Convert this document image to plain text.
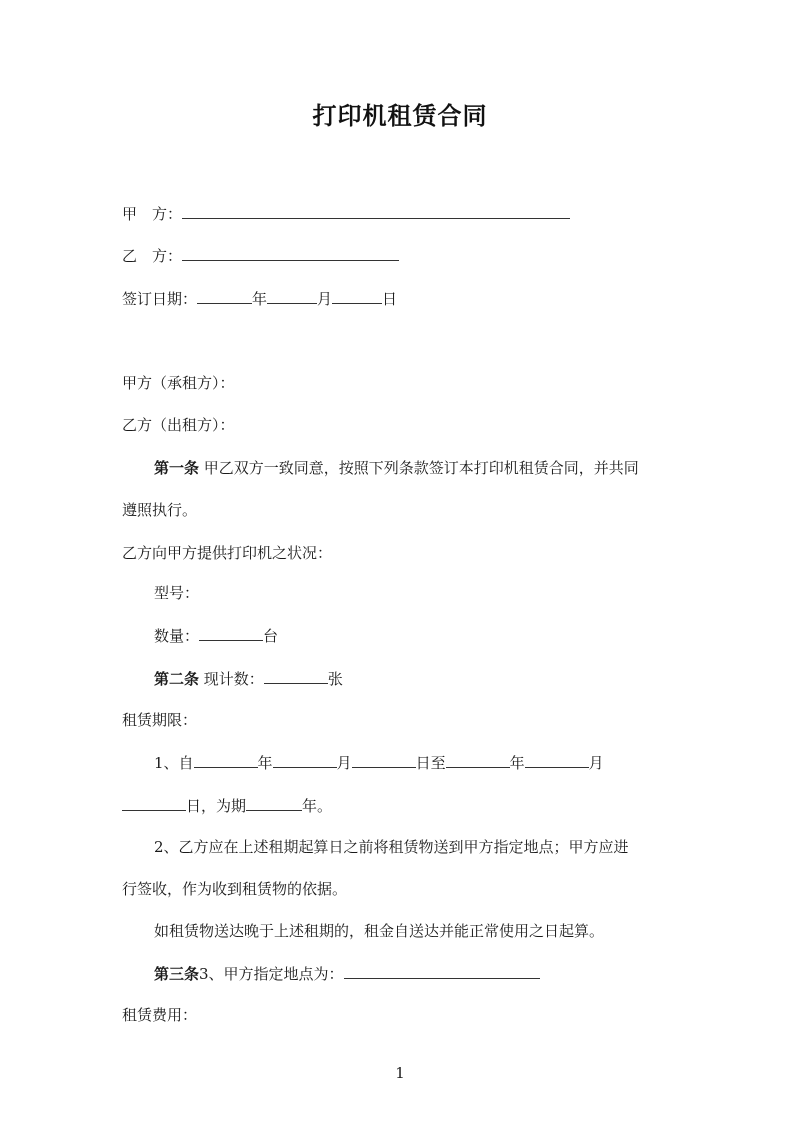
打印机租赁合同
甲　方：
乙　方：
签订日期：	年	月	日
甲方（承租方）：
乙方（出租方）：
第一条 甲乙双方一致同意，按照下列条款签订本打印机租赁合同，并共同
遵照执行。
乙方向甲方提供打印机之状况：
型号：
数量：	台
第二条 现计数：	张
租赁期限：
1、自	年	月	日至	年	月
日，为期	年。
2、乙方应在上述租期起算日之前将租赁物送到甲方指定地点；甲方应进
行签收，作为收到租赁物的依据。
如租赁物送达晚于上述租期的，租金自送达并能正常使用之日起算。
第三条3、甲方指定地点为：
租赁费用：
1
